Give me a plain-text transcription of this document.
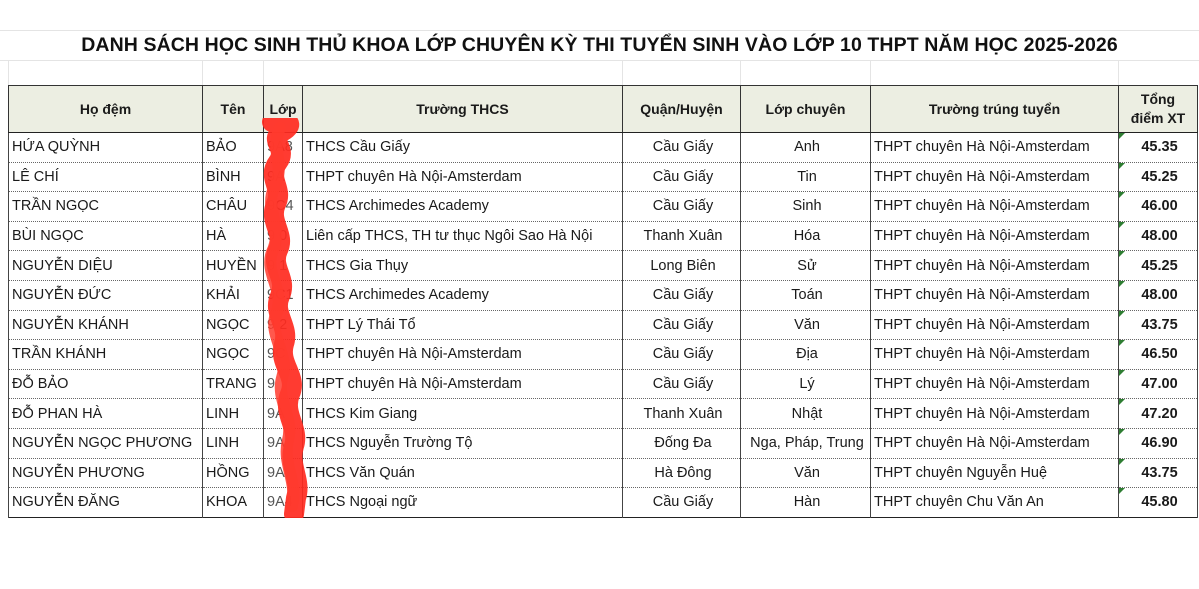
DANH SÁCH HỌC SINH THỦ KHOA LỚP CHUYÊN KỲ THI TUYỂN SINH VÀO LỚP 10 THPT NĂM HỌC 2025-2026
Họ đệm	Tên	Lớp	Trường THCS	Quận/Huyện	Lớp chuyên	Trường trúng tuyển	Tổng
điểm XT
HỨA QUỲNH	BẢO	9A8	THCS Cầu Giấy	Cầu Giấy	Anh	THPT chuyên Hà Nội-Amsterdam	45.35
LÊ CHÍ	BÌNH	9A	THPT chuyên Hà Nội-Amsterdam	Cầu Giấy	Tin	THPT chuyên Hà Nội-Amsterdam	45.25
TRẦN NGỌC	CHÂU	9C4	THCS Archimedes Academy	Cầu Giấy	Sinh	THPT chuyên Hà Nội-Amsterdam	46.00
BÙI NGỌC	HÀ	9 0	Liên cấp THCS, TH tư thục Ngôi Sao Hà Nội	Thanh Xuân	Hóa	THPT chuyên Hà Nội-Amsterdam	48.00
NGUYỄN DIỆU	HUYỀN	9 1	THCS Gia Thụy	Long Biên	Sử	THPT chuyên Hà Nội-Amsterdam	45.25
NGUYỄN ĐỨC	KHẢI	9C1	THCS Archimedes Academy	Cầu Giấy	Toán	THPT chuyên Hà Nội-Amsterdam	48.00
NGUYỄN KHÁNH	NGỌC	9 2	THPT Lý Thái Tổ	Cầu Giấy	Văn	THPT chuyên Hà Nội-Amsterdam	43.75
TRẦN KHÁNH	NGỌC	9C	THPT chuyên Hà Nội-Amsterdam	Cầu Giấy	Địa	THPT chuyên Hà Nội-Amsterdam	46.50
ĐỖ BẢO	TRANG	9	THPT chuyên Hà Nội-Amsterdam	Cầu Giấy	Lý	THPT chuyên Hà Nội-Amsterdam	47.00
ĐỖ PHAN HÀ	LINH	9A	THCS Kim Giang	Thanh Xuân	Nhật	THPT chuyên Hà Nội-Amsterdam	47.20
NGUYỄN NGỌC PHƯƠNG	LINH	9A	THCS Nguyễn Trường Tộ	Đống Đa	Nga, Pháp, Trung	THPT chuyên Hà Nội-Amsterdam	46.90
NGUYỄN PHƯƠNG	HỒNG	9A	THCS Văn Quán	Hà Đông	Văn	THPT chuyên Nguyễn Huệ	43.75
NGUYỄN ĐĂNG	KHOA	9A4	THCS Ngoại ngữ	Cầu Giấy	Hàn	THPT chuyên Chu Văn An	45.80
